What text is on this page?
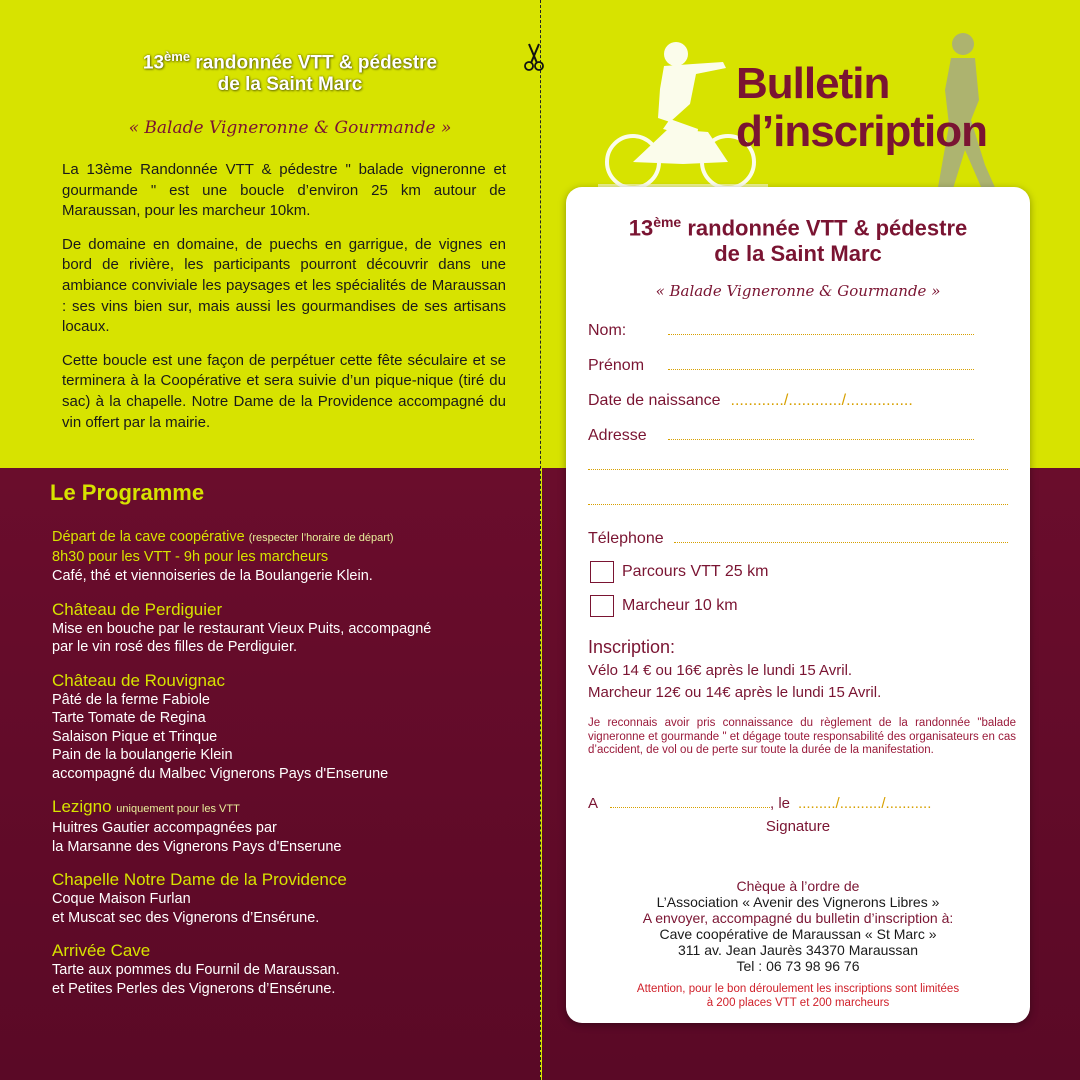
13ème randonnée VTT & pédestre
de la Saint Marc
« Balade Vigneronne & Gourmande »

La 13ème Randonnée VTT & pédestre " balade vigneronne et gourmande " est une boucle d’environ 25 km autour de Maraussan, pour les marcheur 10km.

De domaine en domaine, de puechs en garrigue, de vignes en bord de rivière, les participants pourront découvrir dans une ambiance conviviale les paysages et les spécialités de Maraussan : ses vins bien sur, mais aussi les gourmandises de ses artisans locaux.

Cette boucle est une façon de perpétuer cette fête séculaire et se terminera à la Coopérative et sera suivie d’un pique-nique (tiré du sac) à la chapelle. Notre Dame de la Providence accompagné du vin offert par la mairie.

Le Programme
Départ de la cave coopérative (respecter l’horaire de départ)
8h30 pour les VTT - 9h pour les marcheurs
Café, thé et viennoiseries de la Boulangerie Klein.
Château de Perdiguier
Mise en bouche par le restaurant Vieux Puits, accompagné
par le vin rosé des filles de Perdiguier.
Château de Rouvignac
Pâté de la ferme Fabiole
Tarte Tomate de Regina
Salaison Pique et Trinque
Pain de la boulangerie Klein
accompagné du Malbec Vignerons Pays d'Enserune
Lezigno uniquement pour les VTT
Huitres Gautier accompagnées par
la Marsanne des Vignerons Pays d'Enserune
Chapelle Notre Dame de la Providence
Coque Maison Furlan
et Muscat sec des Vignerons d’Ensérune.
Arrivée Cave
Tarte aux pommes du Fournil de Maraussan.
et Petites Perles des Vignerons d’Ensérune.
Bulletin
d’inscription
13ème randonnée VTT & pédestre
de la Saint Marc
« Balade Vigneronne & Gourmande »
Nom:
Prénom
Date de naissance ............/............/...............
Adresse
Télephone
Parcours VTT 25 km
Marcheur 10 km
Inscription:
Vélo 14 € ou 16€ après le lundi 15 Avril.
Marcheur 12€ ou 14€ après le lundi 15 Avril.
Je reconnais avoir pris connaissance du règlement de la randonnée "balade vigneronne et gourmande " et dégage toute responsabilité des organisateurs en cas d’accident, de vol ou de perte sur toute la durée de la manifestation.
A	, le ........./........../...........
Signature
Chèque à l’ordre de
L’Association « Avenir des Vignerons Libres »
A envoyer, accompagné du bulletin d’inscription à:
Cave coopérative de Maraussan « St Marc »
311 av. Jean Jaurès 34370 Maraussan
Tel : 06 73 98 96 76
Attention, pour le bon déroulement les inscriptions sont limitées
à 200 places VTT et 200 marcheurs
